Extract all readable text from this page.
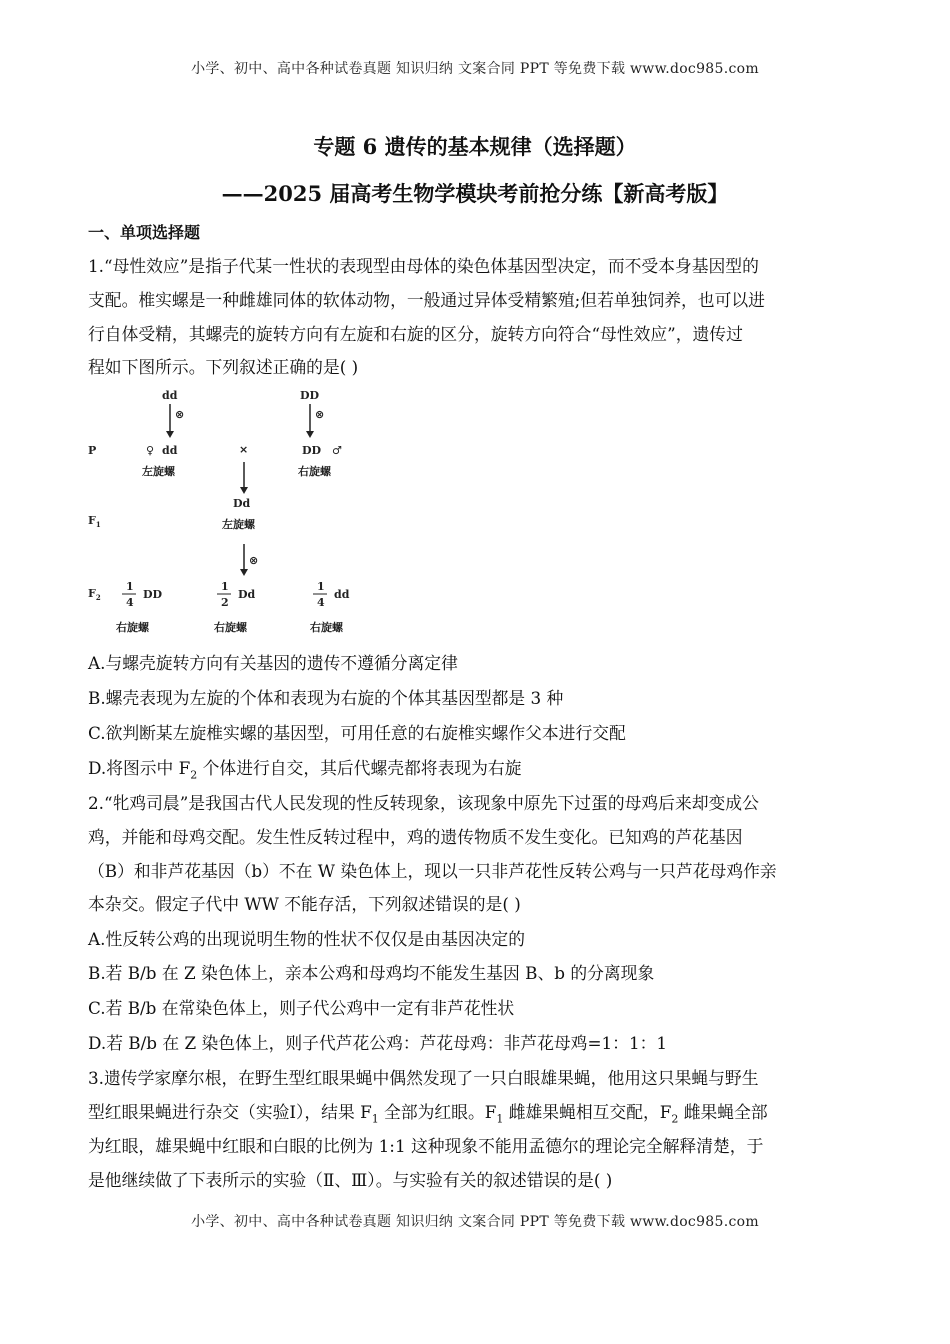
小学、初中、高中各种试卷真题 知识归纳 文案合同 PPT 等免费下载 www.doc985.com
专题 6 遗传的基本规律（选择题）
——2025 届高考生物学模块考前抢分练【新高考版】
一、单项选择题
1.“母性效应”是指子代某一性状的表现型由母体的染色体基因型决定，而不受本身基因型的
支配。椎实螺是一种雌雄同体的软体动物，一般通过异体受精繁殖;但若单独饲养，也可以进
行自体受精，其螺壳的旋转方向有左旋和右旋的区分，旋转方向符合“母性效应”，遗传过
程如下图所示。下列叙述正确的是( )
dd
⊗
DD
⊗
P	♀ dd	×	DD ♂
左旋螺	右旋螺
$F_1$
Dd
左旋螺
⊗
$F_2$
1
4
DD
右旋螺
1
2
Dd
右旋螺
1
4
dd
右旋螺
A.与螺壳旋转方向有关基因的遗传不遵循分离定律
B.螺壳表现为左旋的个体和表现为右旋的个体其基因型都是 3 种
C.欲判断某左旋椎实螺的基因型，可用任意的右旋椎实螺作父本进行交配
D.将图示中 $F_2$ 个体进行自交，其后代螺壳都将表现为右旋
2.“牝鸡司晨”是我国古代人民发现的性反转现象，该现象中原先下过蛋的母鸡后来却变成公
鸡，并能和母鸡交配。发生性反转过程中，鸡的遗传物质不发生变化。已知鸡的芦花基因
（B）和非芦花基因（b）不在 W 染色体上，现以一只非芦花性反转公鸡与一只芦花母鸡作亲
本杂交。假定子代中 WW 不能存活，下列叙述错误的是( )
A.性反转公鸡的出现说明生物的性状不仅仅是由基因决定的
B.若 B/b 在 Z 染色体上，亲本公鸡和母鸡均不能发生基因 B、b 的分离现象
C.若 B/b 在常染色体上，则子代公鸡中一定有非芦花性状
D.若 B/b 在 Z 染色体上，则子代芦花公鸡：芦花母鸡：非芦花母鸡=1：1：1
3.遗传学家摩尔根，在野生型红眼果蝇中偶然发现了一只白眼雄果蝇，他用这只果蝇与野生
型红眼果蝇进行杂交（实验Ⅰ），结果 $F_1$ 全部为红眼。$F_1$ 雌雄果蝇相互交配，$F_2$ 雌果蝇全部
为红眼，雄果蝇中红眼和白眼的比例为 1:1 这种现象不能用孟德尔的理论完全解释清楚，于
是他继续做了下表所示的实验（Ⅱ、Ⅲ）。与实验有关的叙述错误的是( )
小学、初中、高中各种试卷真题 知识归纳 文案合同 PPT 等免费下载 www.doc985.com
